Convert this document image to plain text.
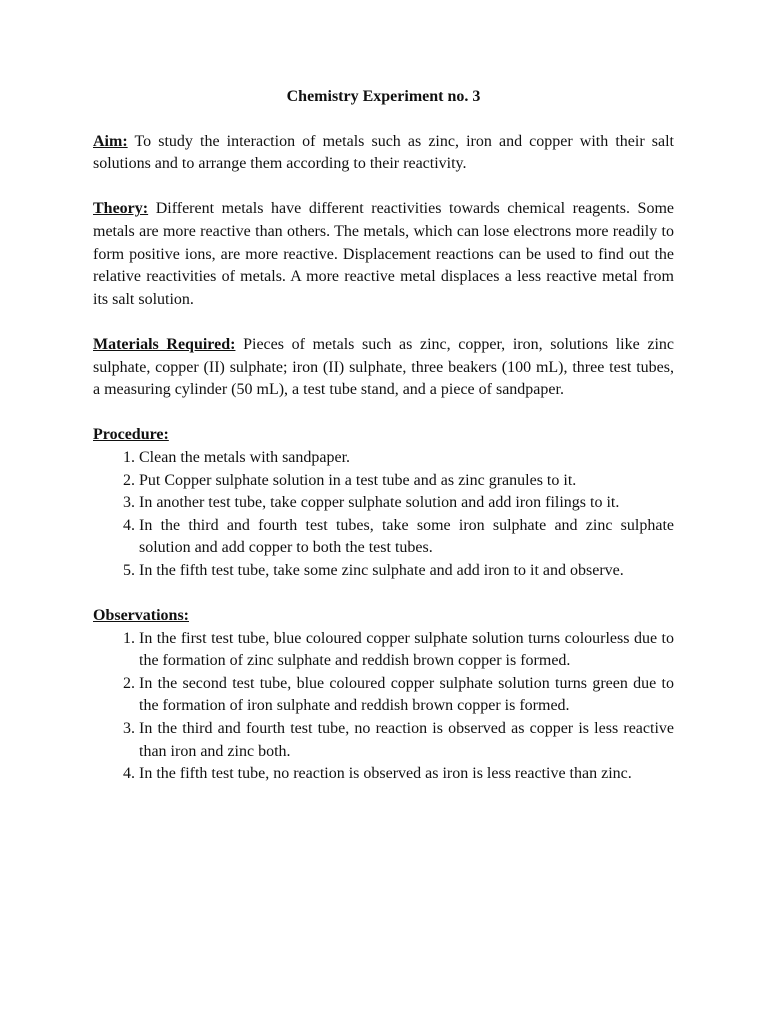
Chemistry Experiment no. 3
Aim: To study the interaction of metals such as zinc, iron and copper with their salt solutions and to arrange them according to their reactivity.
Theory: Different metals have different reactivities towards chemical reagents. Some metals are more reactive than others. The metals, which can lose electrons more readily to form positive ions, are more reactive. Displacement reactions can be used to find out the relative reactivities of metals. A more reactive metal displaces a less reactive metal from its salt solution.
Materials Required: Pieces of metals such as zinc, copper, iron, solutions like zinc sulphate, copper (II) sulphate; iron (II) sulphate, three beakers (100 mL), three test tubes, a measuring cylinder (50 mL), a test tube stand, and a piece of sandpaper.
Procedure:
1. Clean the metals with sandpaper.
2. Put Copper sulphate solution in a test tube and as zinc granules to it.
3. In another test tube, take copper sulphate solution and add iron filings to it.
4. In the third and fourth test tubes, take some iron sulphate and zinc sulphate solution and add copper to both the test tubes.
5. In the fifth test tube, take some zinc sulphate and add iron to it and observe.
Observations:
1. In the first test tube, blue coloured copper sulphate solution turns colourless due to the formation of zinc sulphate and reddish brown copper is formed.
2. In the second test tube, blue coloured copper sulphate solution turns green due to the formation of iron sulphate and reddish brown copper is formed.
3. In the third and fourth test tube, no reaction is observed as copper is less reactive than iron and zinc both.
4. In the fifth test tube, no reaction is observed as iron is less reactive than zinc.
